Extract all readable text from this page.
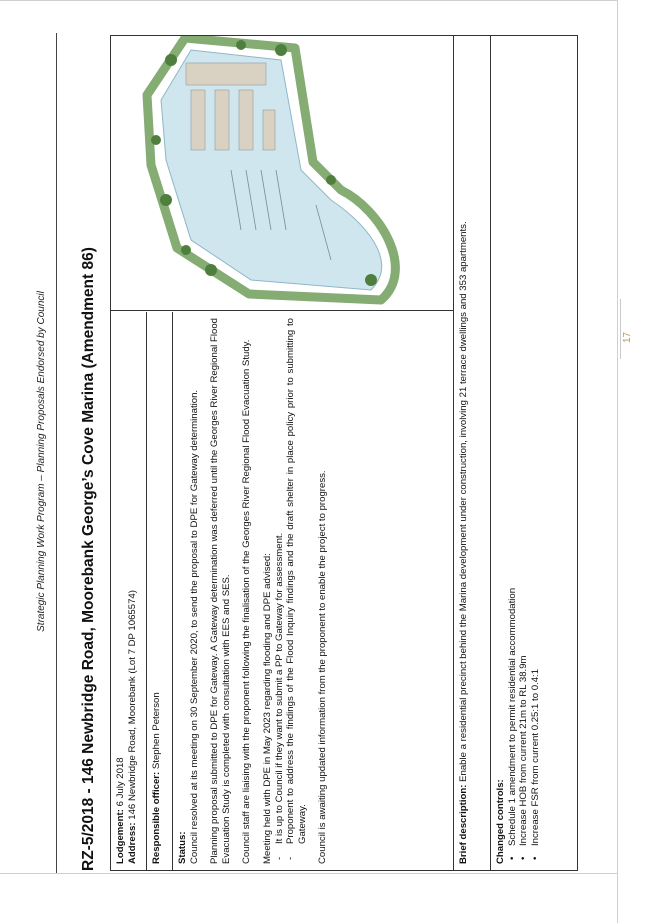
Strategic Planning Work Program – Planning Proposals Endorsed by Council RZ-5/2018 - 146 Newbridge Road, Moorebank George’s Cove Marina (Amendment 86) Lodgement: 6 July 2018
Address: 146 Newbridge Road, Moorebank (Lot 7 DP 1065574)	Responsible officer: Stephen Peterson
Status: Council resolved at its meeting on 30 September 2020, to send the proposal to DPE for Gateway determination. Planning proposal submitted to DPE for Gateway. A Gateway determination was deferred until the Georges River Regional Flood Evacuation Study is completed with consultation with EES and SES. Council staff are liaising with the proponent following the finalisation of the Georges River Regional Flood Evacuation Study. Meeting held with DPE in May 2023 regarding flooding and DPE advised: - It is up to Council if they want to submit a PP to Gateway for assessment. - Proponent to address the findings of the Flood Inquiry findings and the draft shelter in place policy prior to submitting to Gateway. Council is awaiting updated information from the proponent to enable the project to progress.	Brief description: Enable a residential precinct behind the Marina development under construction, involving 21 terrace dwellings and 353 apartments.
Changed controls: • Schedule 1 amendment to permit residential accommodation • Increase HOB from current 21m to RL 38.9m • Increase FSR from current 0.25:1 to 0.4:1
17
